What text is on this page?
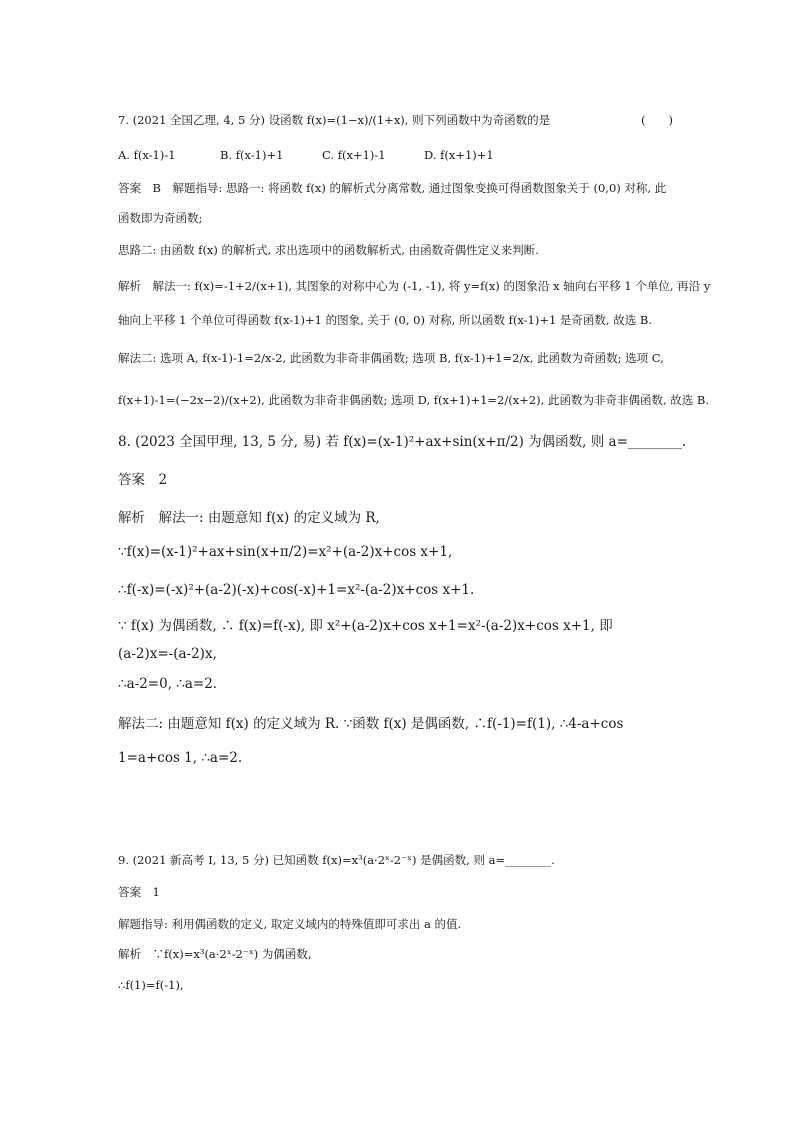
7. (2021 全国乙理, 4, 5 分) 设函数 f(x)=(1−x)/(1+x), 则下列函数中为奇函数的是	(　　)
A. f(x-1)-1	B. f(x-1)+1	C. f(x+1)-1	D. f(x+1)+1
答案　B　解题指导: 思路一: 将函数 f(x) 的解析式分离常数, 通过图象变换可得函数图象关于 (0,0) 对称, 此
函数即为奇函数;
思路二: 由函数 f(x) 的解析式, 求出选项中的函数解析式, 由函数奇偶性定义来判断.
解析　解法一: f(x)=-1+2/(x+1), 其图象的对称中心为 (-1, -1), 将 y=f(x) 的图象沿 x 轴向右平移 1 个单位, 再沿 y
轴向上平移 1 个单位可得函数 f(x-1)+1 的图象, 关于 (0, 0) 对称, 所以函数 f(x-1)+1 是奇函数, 故选 B.
解法二: 选项 A, f(x-1)-1=2/x-2, 此函数为非奇非偶函数; 选项 B, f(x-1)+1=2/x, 此函数为奇函数; 选项 C,
f(x+1)-1=(−2x−2)/(x+2), 此函数为非奇非偶函数; 选项 D, f(x+1)+1=2/(x+2), 此函数为非奇非偶函数, 故选 B.
8. (2023 全国甲理, 13, 5 分, 易) 若 f(x)=(x-1)²+ax+sin(x+π/2) 为偶函数, 则 a=________.
答案　2
解析　解法一: 由题意知 f(x) 的定义域为 R,
∵f(x)=(x-1)²+ax+sin(x+π/2)=x²+(a-2)x+cos x+1,
∴f(-x)=(-x)²+(a-2)(-x)+cos(-x)+1=x²-(a-2)x+cos x+1.
∵ f(x) 为偶函数, ∴ f(x)=f(-x), 即 x²+(a-2)x+cos x+1=x²-(a-2)x+cos x+1, 即
(a-2)x=-(a-2)x,
∴a-2=0, ∴a=2.
解法二: 由题意知 f(x) 的定义域为 R. ∵函数 f(x) 是偶函数, ∴f(-1)=f(1), ∴4-a+cos
1=a+cos 1, ∴a=2.
9. (2021 新高考 I, 13, 5 分) 已知函数 f(x)=x³(a·2ˣ-2⁻ˣ) 是偶函数, 则 a=________.
答案　1
解题指导: 利用偶函数的定义, 取定义域内的特殊值即可求出 a 的值.
解析　∵f(x)=x³(a·2ˣ-2⁻ˣ) 为偶函数,
∴f(1)=f(-1),
